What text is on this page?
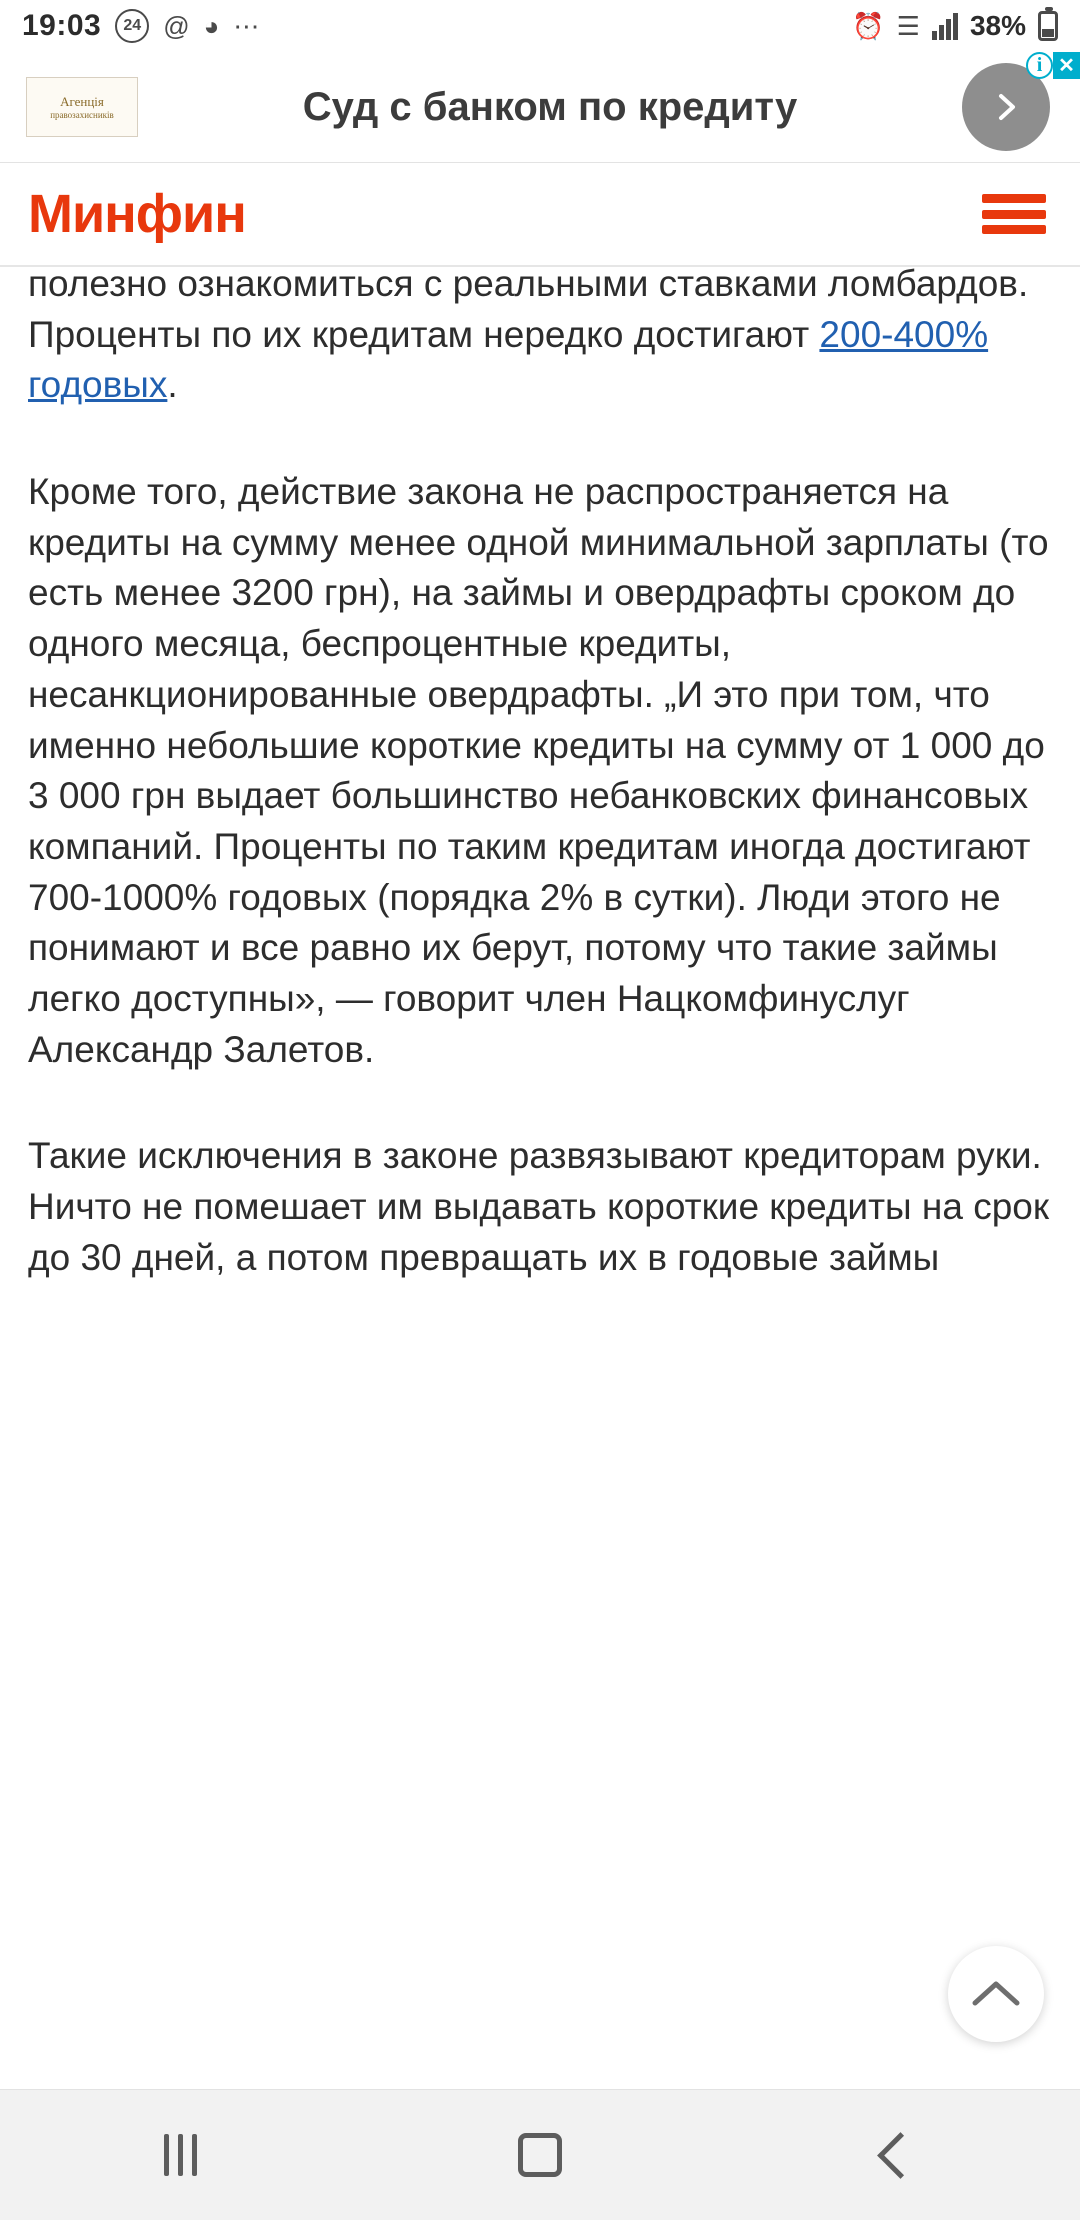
19:03	24 @ ◕ ⋯	⏰ ☰ 38%
i ✕
Агенція
правозахисників	Суд с банком по кредиту
Минфин

полезно ознакомиться с реальными ставками ломбардов. Проценты по их кредитам нередко достигают 200-400% годовых.

Кроме того, действие закона не распространяется на кредиты на сумму менее одной минимальной зарплаты (то есть менее 3200 грн), на займы и овердрафты сроком до одного месяца, беспроцентные кредиты, несанкционированные овердрафты. „И это при том, что именно небольшие короткие кредиты на сумму от 1 000 до 3 000 грн выдает большинство небанковских финансовых компаний. Проценты по таким кредитам иногда достигают 700-1000% годовых (порядка 2% в сутки). Люди этого не понимают и все равно их берут, потому что такие займы легко доступны», — говорит член Нацкомфинуслуг Александр Залетов.

Такие исключения в законе развязывают кредиторам руки. Ничто не помешает им выдавать короткие кредиты на срок до 30 дней, а потом превращать их в годовые займы
